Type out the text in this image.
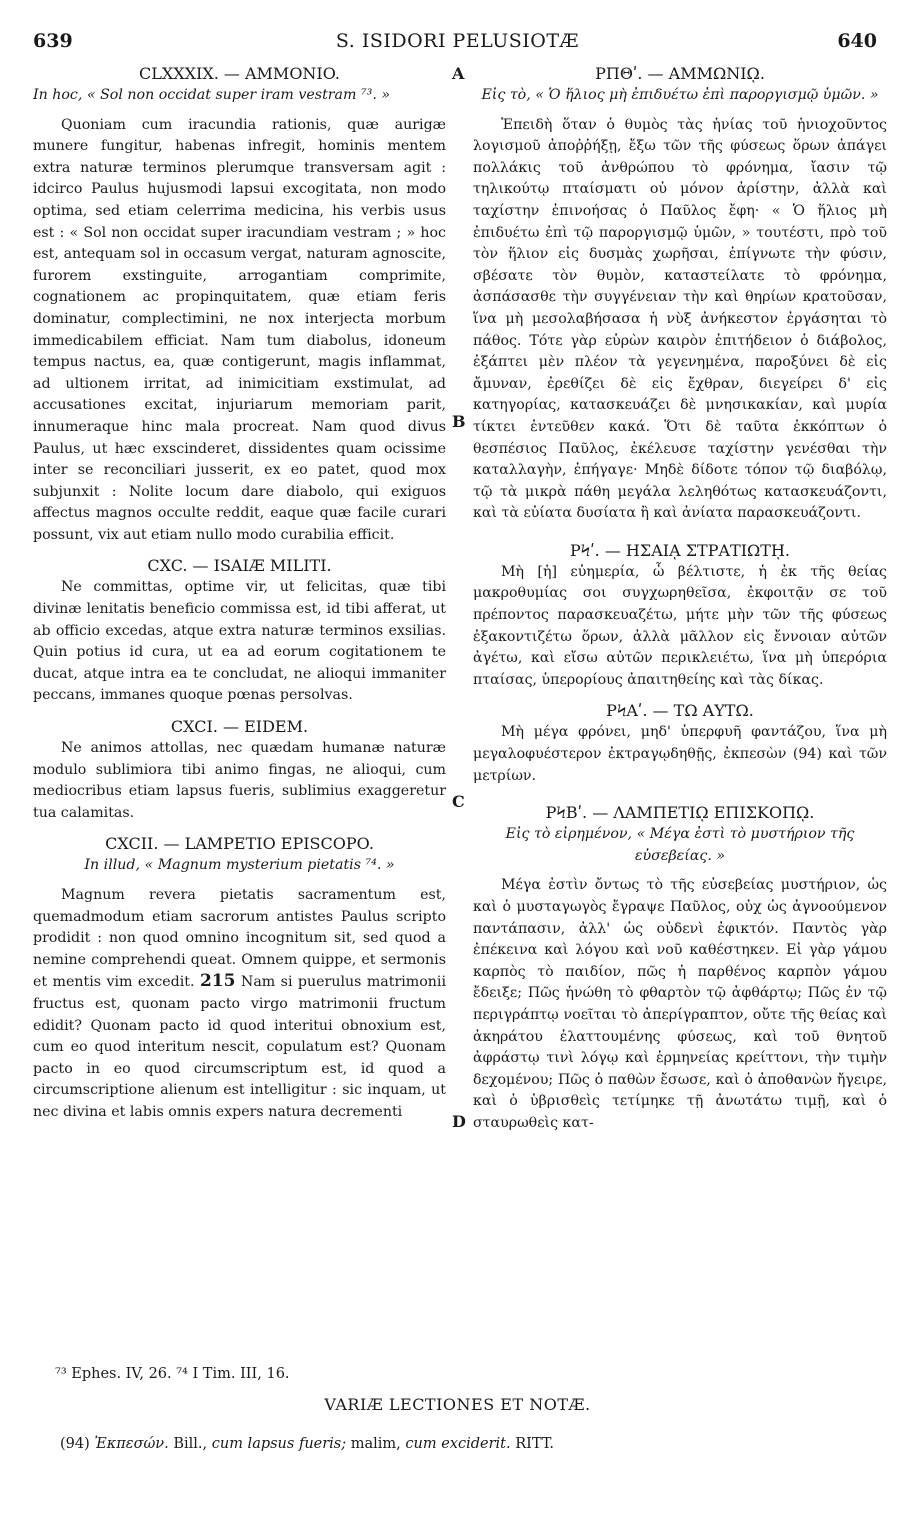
639	S. ISIDORI PELUSIOTÆ	640
A
B
C
D
CLXXXIX. — AMMONIO.
In hoc, « Sol non occidat super iram vestram ⁷³. »

Quoniam cum iracundia rationis, quæ aurigæ munere fungitur, habenas infregit, hominis mentem extra naturæ terminos plerumque transversam agit : idcirco Paulus hujusmodi lapsui excogitata, non modo optima, sed etiam celerrima medicina, his verbis usus est : « Sol non occidat super iracundiam vestram ; » hoc est, antequam sol in occasum vergat, naturam agnoscite, furorem exstinguite, arrogantiam comprimite, cognationem ac propinquitatem, quæ etiam feris dominatur, complectimini, ne nox interjecta morbum immedicabilem efficiat. Nam tum diabolus, idoneum tempus nactus, ea, quæ contigerunt, magis inflammat, ad ultionem irritat, ad inimicitiam exstimulat, ad accusationes excitat, injuriarum memoriam parit, innumeraque hinc mala procreat. Nam quod divus Paulus, ut hæc exscinderet, dissidentes quam ocissime inter se reconciliari jusserit, ex eo patet, quod mox subjunxit : Nolite locum dare diabolo, qui exiguos affectus magnos occulte reddit, eaque quæ facile curari possunt, vix aut etiam nullo modo curabilia efficit.

CXC. — ISAIÆ MILITI.

Ne committas, optime vir, ut felicitas, quæ tibi divinæ lenitatis beneficio commissa est, id tibi afferat, ut ab officio excedas, atque extra naturæ terminos exsilias. Quin potius id cura, ut ea ad eorum cogitationem te ducat, atque intra ea te concludat, ne alioqui immaniter peccans, immanes quoque pœnas persolvas.

CXCI. — EIDEM.

Ne animos attollas, nec quædam humanæ naturæ modulo sublimiora tibi animo fingas, ne alioqui, cum mediocribus etiam lapsus fueris, sublimius exaggeretur tua calamitas.

CXCII. — LAMPETIO EPISCOPO.
In illud, « Magnum mysterium pietatis ⁷⁴. »

Magnum revera pietatis sacramentum est, quemadmodum etiam sacrorum antistes Paulus scripto prodidit : non quod omnino incognitum sit, sed quod a nemine comprehendi queat. Omnem quippe, et sermonis et mentis vim excedit. 215 Nam si puerulus matrimonii fructus est, quonam pacto virgo matrimonii fructum edidit? Quonam pacto id quod interitui obnoxium est, cum eo quod interitum nescit, copulatum est? Quonam pacto in eo quod circumscriptum est, id quod a circumscriptione alienum est intelligitur : sic inquam, ut nec divina et labis omnis expers natura decrementi

ΡΠΘʹ. — ΑΜΜΩΝΙῼ.
Εἰς τὸ, « Ὁ ἥλιος μὴ ἐπιδυέτω ἐπὶ παροργισμῷ ὑμῶν. »

Ἐπειδὴ ὅταν ὁ θυμὸς τὰς ἡνίας τοῦ ἡνιοχοῦντος λογισμοῦ ἀποῤῥήξῃ, ἔξω τῶν τῆς φύσεως ὅρων ἀπάγει πολλάκις τοῦ ἀνθρώπου τὸ φρόνημα, ἴασιν τῷ τηλικούτῳ πταίσματι οὐ μόνον ἀρίστην, ἀλλὰ καὶ ταχίστην ἐπινοήσας ὁ Παῦλος ἔφη· « Ὁ ἥλιος μὴ ἐπιδυέτω ἐπὶ τῷ παροργισμῷ ὑμῶν, » τουτέστι, πρὸ τοῦ τὸν ἥλιον εἰς δυσμὰς χωρῆσαι, ἐπίγνωτε τὴν φύσιν, σβέσατε τὸν θυμὸν, καταστείλατε τὸ φρόνημα, ἀσπάσασθε τὴν συγγένειαν τὴν καὶ θηρίων κρατοῦσαν, ἵνα μὴ μεσολαβήσασα ἡ νὺξ ἀνήκεστον ἐργάσηται τὸ πάθος. Τότε γὰρ εὑρὼν καιρὸν ἐπιτήδειον ὁ διάβολος, ἐξάπτει μὲν πλέον τὰ γεγενημένα, παροξύνει δὲ εἰς ἄμυναν, ἐρεθίζει δὲ εἰς ἔχθραν, διεγείρει δ' εἰς κατηγορίας, κατασκευάζει δὲ μνησικακίαν, καὶ μυρία τίκτει ἐντεῦθεν κακά. Ὅτι δὲ ταῦτα ἐκκόπτων ὁ θεσπέσιος Παῦλος, ἐκέλευσε ταχίστην γενέσθαι τὴν καταλλαγὴν, ἐπήγαγε· Μηδὲ δίδοτε τόπον τῷ διαβόλῳ, τῷ τὰ μικρὰ πάθη μεγάλα λεληθότως κατασκευάζοντι, καὶ τὰ εὐίατα δυσίατα ἢ καὶ ἀνίατα παρασκευάζοντι.

ΡϞʹ. — ΗΣΑΙᾼ ΣΤΡΑΤΙΩΤῌ.

Μὴ [ἡ] εὐημερία, ὦ βέλτιστε, ἡ ἐκ τῆς θείας μακροθυμίας σοι συγχωρηθεῖσα, ἐκφοιτᾷν σε τοῦ πρέποντος παρασκευαζέτω, μήτε μὴν τῶν τῆς φύσεως ἐξακοντιζέτω ὅρων, ἀλλὰ μᾶλλον εἰς ἔννοιαν αὐτῶν ἀγέτω, καὶ εἴσω αὐτῶν περικλειέτω, ἵνα μὴ ὑπερόρια πταίσας, ὑπερορίους ἀπαιτηθείης καὶ τὰς δίκας.

ΡϞΑʹ. — ΤΩ ΑΥΤΩ.

Μὴ μέγα φρόνει, μηδ' ὑπερφυῆ φαντάζου, ἵνα μὴ μεγαλοφυέστερον ἐκτραγῳδηθῇς, ἐκπεσὼν (94) καὶ τῶν μετρίων.

ΡϞΒʹ. — ΛΑΜΠΕΤΙῼ ΕΠΙΣΚΟΠῼ.
Εἰς τὸ εἰρημένον, « Μέγα ἐστὶ τὸ μυστήριον τῆς εὐσεβείας. »

Μέγα ἐστὶν ὄντως τὸ τῆς εὐσεβείας μυστήριον, ὡς καὶ ὁ μυσταγωγὸς ἔγραψε Παῦλος, οὐχ ὡς ἀγνοούμενον παντάπασιν, ἀλλ' ὡς οὐδενὶ ἐφικτόν. Παντὸς γὰρ ἐπέκεινα καὶ λόγου καὶ νοῦ καθέστηκεν. Εἰ γὰρ γάμου καρπὸς τὸ παιδίον, πῶς ἡ παρθένος καρπὸν γάμου ἔδειξε; Πῶς ἡνώθη τὸ φθαρτὸν τῷ ἀφθάρτῳ; Πῶς ἐν τῷ περιγράπτῳ νοεῖται τὸ ἀπερίγραπτον, οὔτε τῆς θείας καὶ ἀκηράτου ἐλαττουμένης φύσεως, καὶ τοῦ θνητοῦ ἀφράστῳ τινὶ λόγῳ καὶ ἑρμηνείας κρείττονι, τὴν τιμὴν δεχομένου; Πῶς ὁ παθὼν ἔσωσε, καὶ ὁ ἀποθανὼν ἤγειρε, καὶ ὁ ὑβρισθεὶς τετίμηκε τῇ ἀνωτάτω τιμῇ, καὶ ὁ σταυρωθεὶς κατ-

⁷³ Ephes. IV, 26. ⁷⁴ I Tim. III, 16.
VARIÆ LECTIONES ET NOTÆ.
(94) Ἐκπεσών. Bill., cum lapsus fueris; malim, cum exciderit. RITT.
